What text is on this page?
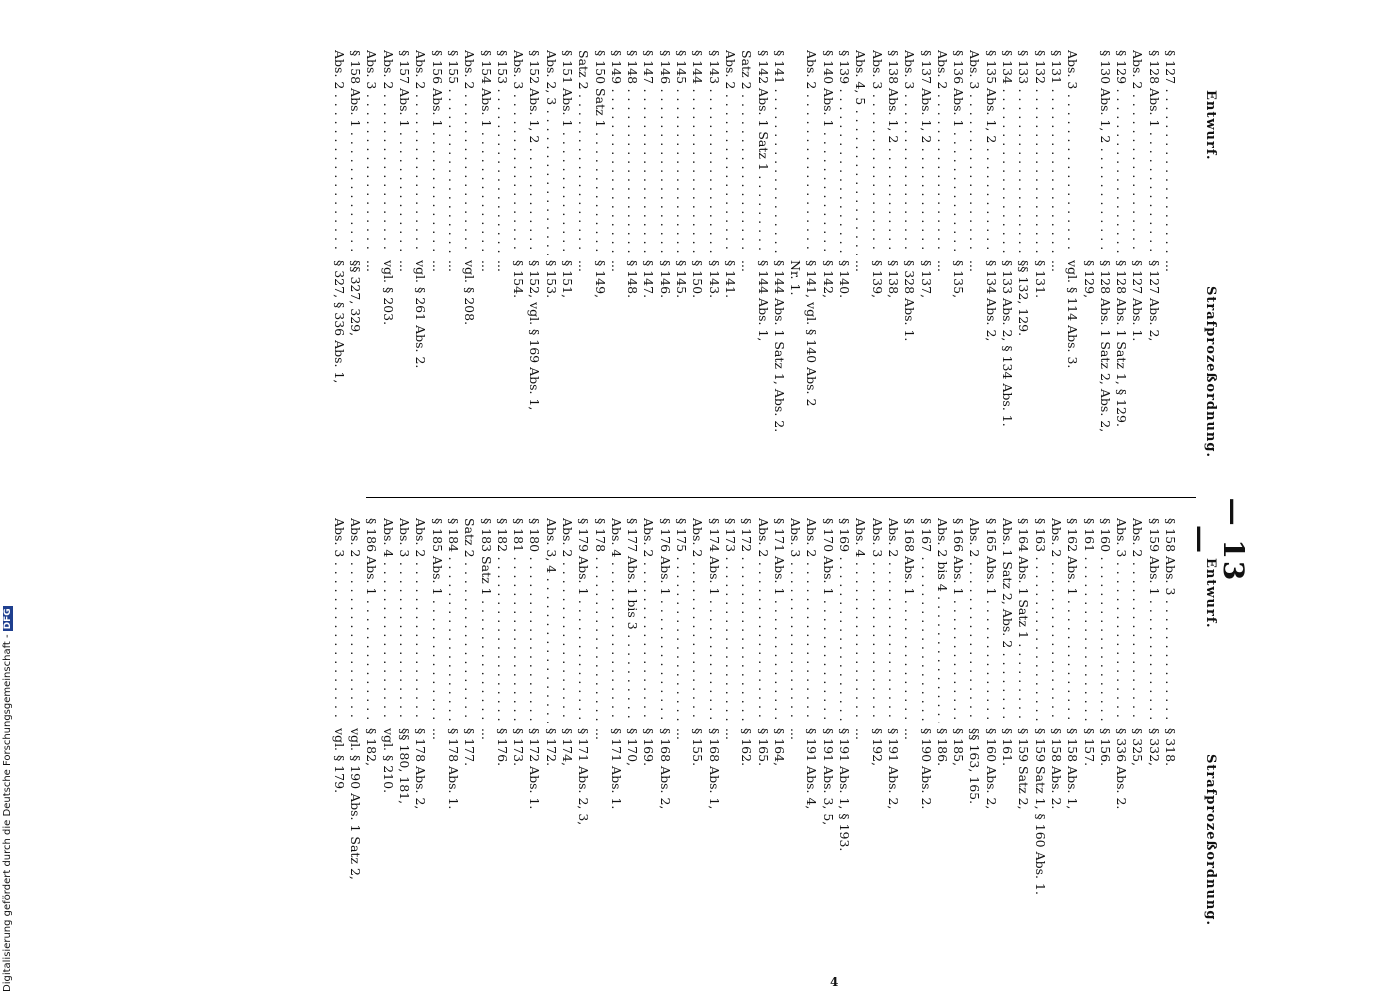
— 13 —
Entwurf.
Strafprozeßordnung.
§ 127 . . .
...
§ 128 Abs. 1 . . .
§ 127 Abs. 2,
Abs. 2 . . .
§ 127 Abs. 1.
§ 129 . . .
§ 128 Abs. 1 Satz 1, § 129.
§ 130 Abs. 1, 2 . . .
§ 128 Abs. 1 Satz 2, Abs. 2,
§ 129,
Abs. 3 . . .
vgl. § 114 Abs. 3.
§ 131 . . .
...
§ 132 . . .
§ 131.
§ 133 . . .
§§ 132, 129.
§ 134 . . .
§ 133 Abs. 2, § 134 Abs. 1.
§ 135 Abs. 1, 2 . . .
§ 134 Abs. 2,
Abs. 3 . . .
...
§ 136 Abs. 1 . . .
§ 135,
Abs. 2 . . .
...
§ 137 Abs. 1, 2 . . .
§ 137,
Abs. 3 . . .
§ 328 Abs. 1.
§ 138 Abs. 1, 2 . . .
§ 138,
Abs. 3 . . .
§ 139,
Abs. 4, 5 . . .
...
§ 139 . . .
§ 140.
§ 140 Abs. 1 . . .
§ 142,
Abs. 2 . . .
§ 141, vgl. § 140 Abs. 2
Nr. 1.
§ 141 . . .
§ 144 Abs. 1 Satz 1, Abs. 2.
§ 142 Abs. 1 Satz 1 . . .
§ 144 Abs. 1,
Satz 2 . . .
...
Abs. 2 . . .
§ 141.
§ 143 . . .
§ 143.
§ 144 . . .
§ 150.
§ 145 . . .
§ 145.
§ 146 . . .
§ 146.
§ 147 . . .
§ 147.
§ 148 . . .
§ 148.
§ 149 . . .
...
§ 150 Satz 1 . . .
§ 149,
Satz 2 . . .
...
§ 151 Abs. 1 . . .
§ 151,
Abs. 2, 3 . . .
§ 153.
§ 152 Abs. 1, 2 . . .
§ 152, vgl. § 169 Abs. 1,
Abs. 3 . . .
§ 154.
§ 153 . . .
...
§ 154 Abs. 1 . . .
...
Abs. 2 . . .
vgl. § 208.
§ 155 . . .
...
§ 156 Abs. 1 . . .
...
Abs. 2 . . .
vgl. § 261 Abs. 2.
§ 157 Abs. 1 . . .
...
Abs. 2 . . .
vgl. § 203.
Abs. 3 . . .
...
§ 158 Abs. 1 . . .
§§ 327, 329,
Abs. 2 . . .
§ 327, § 336 Abs. 1,
Entwurf.
Strafprozeßordnung.
§ 158 Abs. 3 . . .
§ 318.
§ 159 Abs. 1 . . .
§ 332,
Abs. 2 . . .
§ 325,
Abs. 3 . . .
§ 336 Abs. 2.
§ 160 . . .
§ 156.
§ 161 . . .
§ 157.
§ 162 Abs. 1 . . .
§ 158 Abs. 1,
Abs. 2 . . .
§ 158 Abs. 2.
§ 163 . . .
§ 159 Satz 1, § 160 Abs. 1.
§ 164 Abs. 1 Satz 1 . . .
§ 159 Satz 2,
Abs. 1 Satz 2, Abs. 2 . . .
§ 161.
§ 165 Abs. 1 . . .
§ 160 Abs. 2,
Abs. 2 . . .
§§ 163, 165.
§ 166 Abs. 1 . . .
§ 185,
Abs. 2 bis 4 . . .
§ 186.
§ 167 . . .
§ 190 Abs. 2.
§ 168 Abs. 1 . . .
...
Abs. 2 . . .
§ 191 Abs. 2,
Abs. 3 . . .
§ 192,
Abs. 4 . . .
...
§ 169 . . .
§ 191 Abs. 1, § 193.
§ 170 Abs. 1 . . .
§ 191 Abs. 3, 5,
Abs. 2 . . .
§ 191 Abs. 4,
Abs. 3 . . .
...
§ 171 Abs. 1 . . .
§ 164,
Abs. 2 . . .
§ 165.
§ 172 . . .
§ 162.
§ 173 . . .
...
§ 174 Abs. 1 . . .
§ 168 Abs. 1,
Abs. 2 . . .
§ 155.
§ 175 . . .
...
§ 176 Abs. 1 . . .
§ 168 Abs. 2,
Abs. 2 . . .
§ 169.
§ 177 Abs. 1 bis 3 . . .
§ 170,
Abs. 4 . . .
§ 171 Abs. 1.
§ 178 . . .
...
§ 179 Abs. 1 . . .
§ 171 Abs. 2, 3,
Abs. 2 . . .
§ 174,
Abs. 3, 4 . . .
§ 172.
§ 180 . . .
§ 172 Abs. 1.
§ 181 . . .
§ 173.
§ 182 . . .
§ 176.
§ 183 Satz 1 . . .
...
Satz 2 . . .
§ 177.
§ 184 . . .
§ 178 Abs. 1.
§ 185 Abs. 1 . . .
...
Abs. 2 . . .
§ 178 Abs. 2,
Abs. 3 . . .
§§ 180, 181,
Abs. 4 . . .
vgl. § 210.
§ 186 Abs. 1 . . .
§ 182,
Abs. 2 . . .
vgl. § 190 Abs. 1 Satz 2,
Abs. 3 . . .
vgl. § 179.
4
Digitalisierung gefördert durch die Deutsche Forschungsgemeinschaft -DFG
